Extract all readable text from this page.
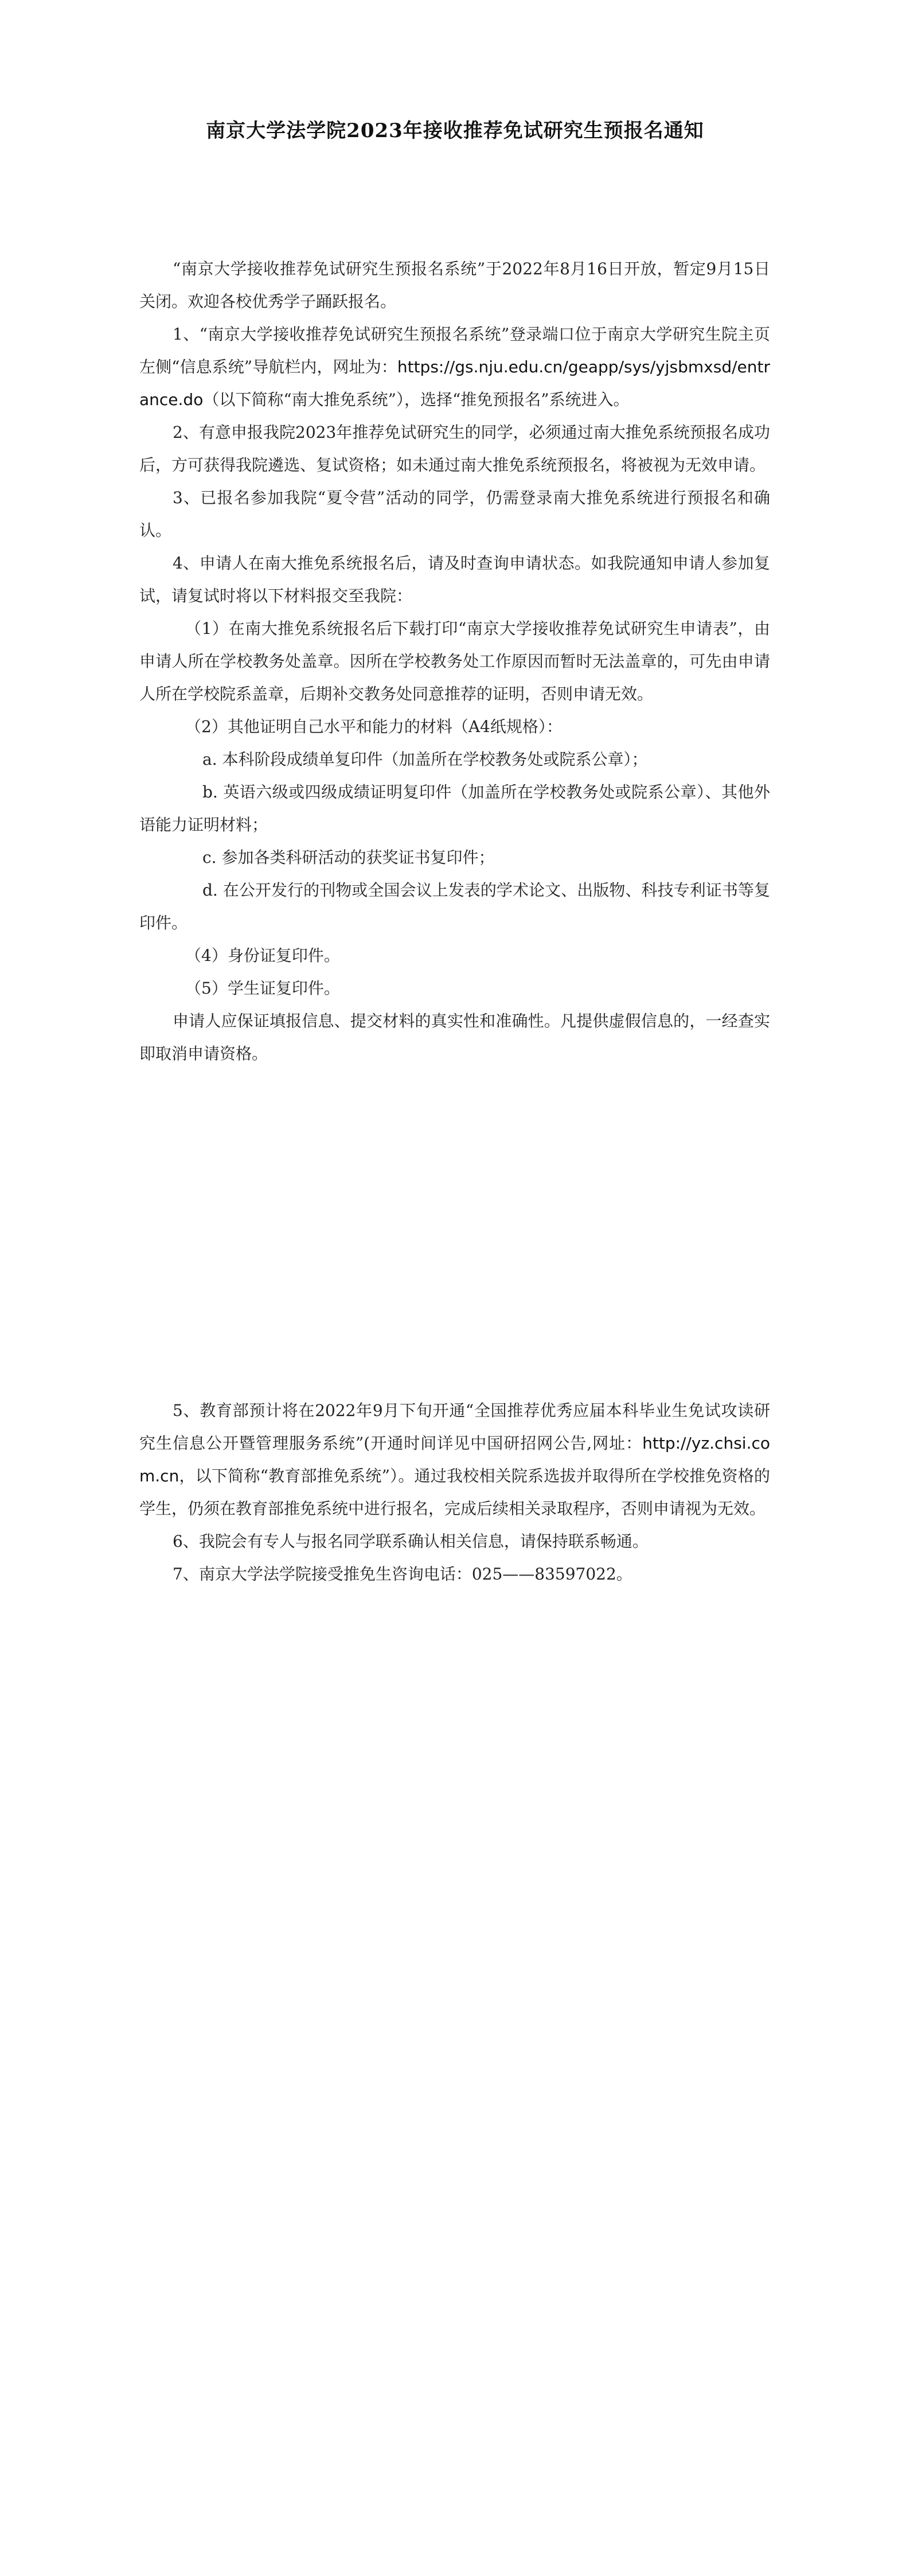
南京大学法学院2023年接收推荐免试研究生预报名通知

“南京大学接收推荐免试研究生预报名系统”于2022年8月16日开放，暂定9月15日关闭。欢迎各校优秀学子踊跃报名。

1、“南京大学接收推荐免试研究生预报名系统”登录端口位于南京大学研究生院主页左侧“信息系统”导航栏内，网址为：https://gs.nju.edu.cn/geapp/sys/yjsbmxsd/entrance.do（以下简称“南大推免系统”），选择“推免预报名”系统进入。

2、有意申报我院2023年推荐免试研究生的同学，必须通过南大推免系统预报名成功后，方可获得我院遴选、复试资格；如未通过南大推免系统预报名，将被视为无效申请。

3、已报名参加我院“夏令营”活动的同学，仍需登录南大推免系统进行预报名和确认。

4、申请人在南大推免系统报名后，请及时查询申请状态。如我院通知申请人参加复试，请复试时将以下材料报交至我院：

（1）在南大推免系统报名后下载打印“南京大学接收推荐免试研究生申请表”，由申请人所在学校教务处盖章。因所在学校教务处工作原因而暂时无法盖章的，可先由申请人所在学校院系盖章，后期补交教务处同意推荐的证明，否则申请无效。

（2）其他证明自己水平和能力的材料（A4纸规格）：

a. 本科阶段成绩单复印件（加盖所在学校教务处或院系公章）；

b. 英语六级或四级成绩证明复印件（加盖所在学校教务处或院系公章）、其他外语能力证明材料；

c. 参加各类科研活动的获奖证书复印件；

d. 在公开发行的刊物或全国会议上发表的学术论文、出版物、科技专利证书等复印件。

（4）身份证复印件。

（5）学生证复印件。

申请人应保证填报信息、提交材料的真实性和准确性。凡提供虚假信息的，一经查实即取消申请资格。

5、教育部预计将在2022年9月下旬开通“全国推荐优秀应届本科毕业生免试攻读研究生信息公开暨管理服务系统”(开通时间详见中国研招网公告,网址：http://yz.chsi.com.cn，以下简称“教育部推免系统”）。通过我校相关院系选拔并取得所在学校推免资格的学生，仍须在教育部推免系统中进行报名，完成后续相关录取程序，否则申请视为无效。

6、我院会有专人与报名同学联系确认相关信息，请保持联系畅通。

7、南京大学法学院接受推免生咨询电话：025——83597022。
